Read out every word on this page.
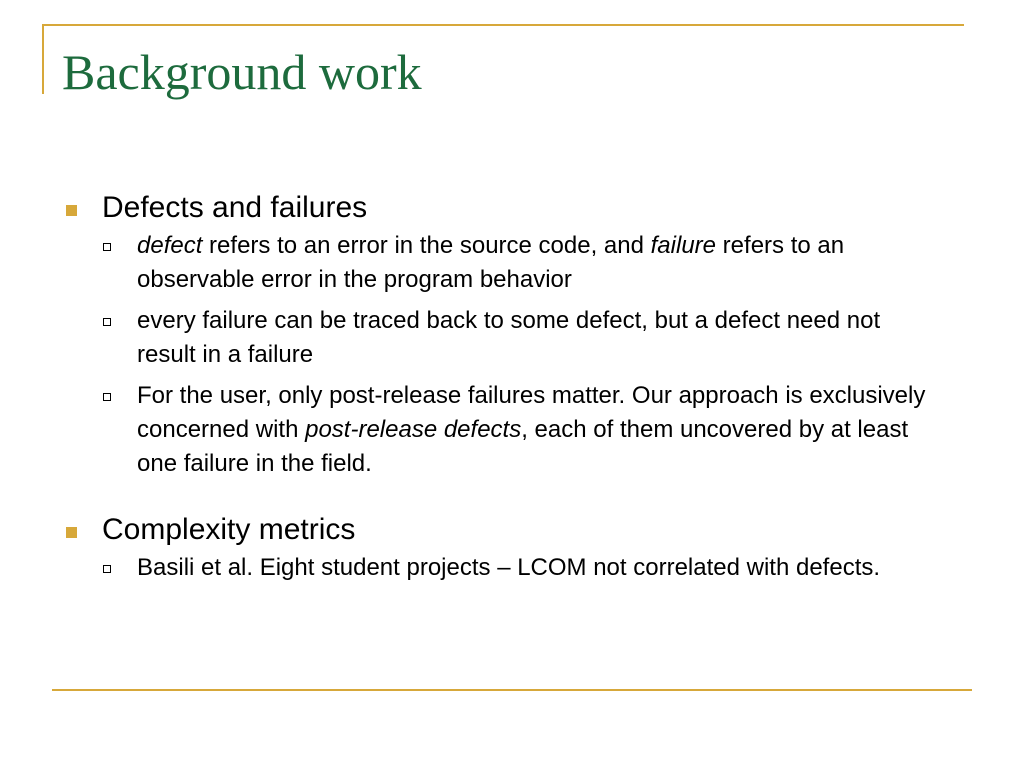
Background work
Defects and failures
defect refers to an error in the source code, and failure refers to an observable error in the program behavior
every failure can be traced back to some defect, but a defect need not result in a failure
For the user, only post-release failures matter. Our approach is exclusively concerned with post-release defects, each of them uncovered by at least one failure in the field.
Complexity metrics
Basili et al. Eight student projects – LCOM not correlated with defects.
